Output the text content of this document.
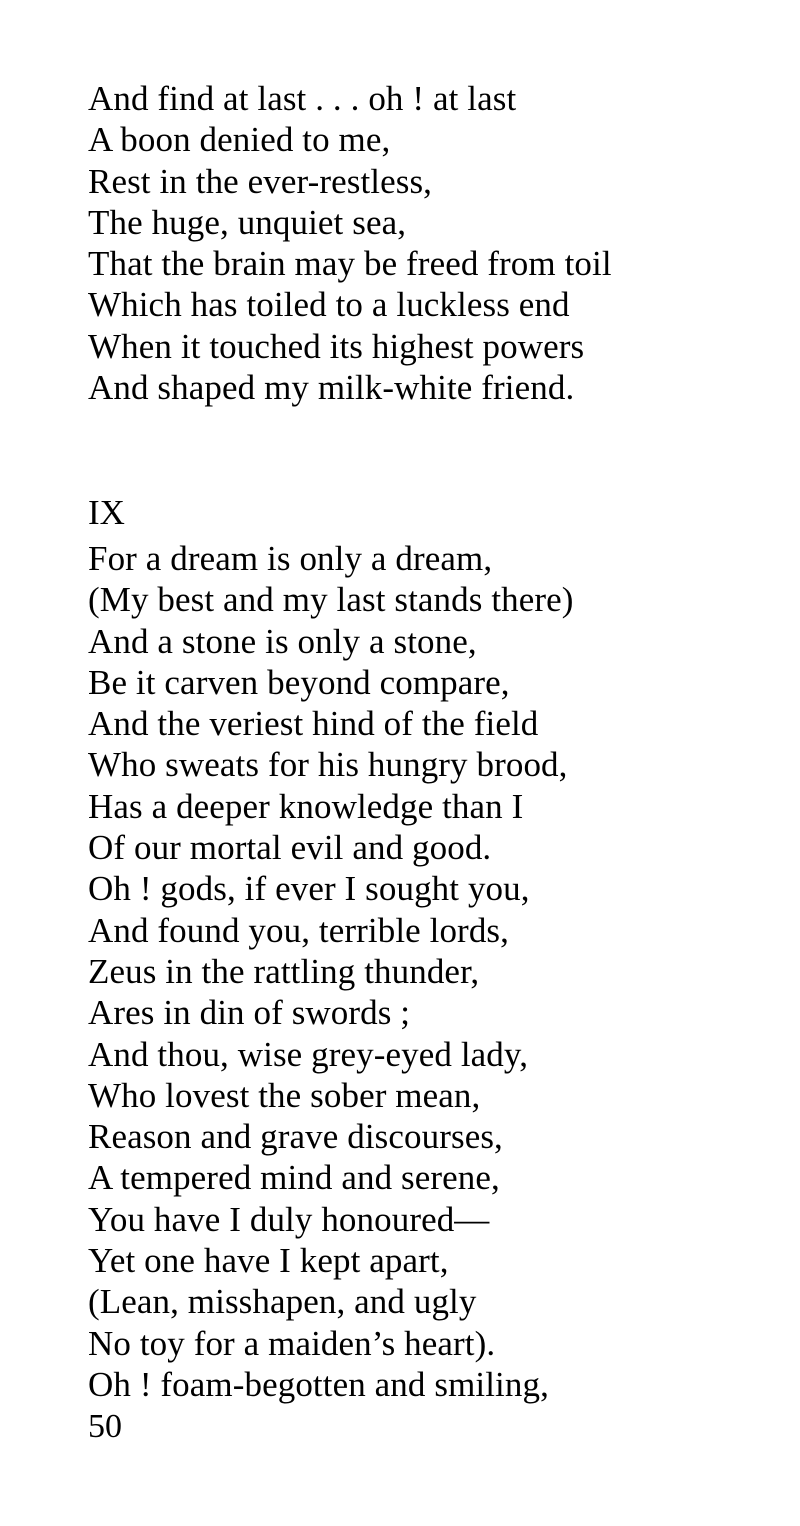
And find at last . . . oh ! at last
A boon denied to me,
Rest in the ever-restless,
The huge, unquiet sea,
That the brain may be freed from toil
Which has toiled to a luckless end
When it touched its highest powers
And shaped my milk-white friend.
IX
For a dream is only a dream,
(My best and my last stands there)
And a stone is only a stone,
Be it carven beyond compare,
And the veriest hind of the field
Who sweats for his hungry brood,
Has a deeper knowledge than I
Of our mortal evil and good.
Oh ! gods, if ever I sought you,
And found you, terrible lords,
Zeus in the rattling thunder,
Ares in din of swords ;
And thou, wise grey-eyed lady,
Who lovest the sober mean,
Reason and grave discourses,
A tempered mind and serene,
You have I duly honoured—
Yet one have I kept apart,
(Lean, misshapen, and ugly
No toy for a maiden’s heart).
Oh ! foam-begotten and smiling,
50
